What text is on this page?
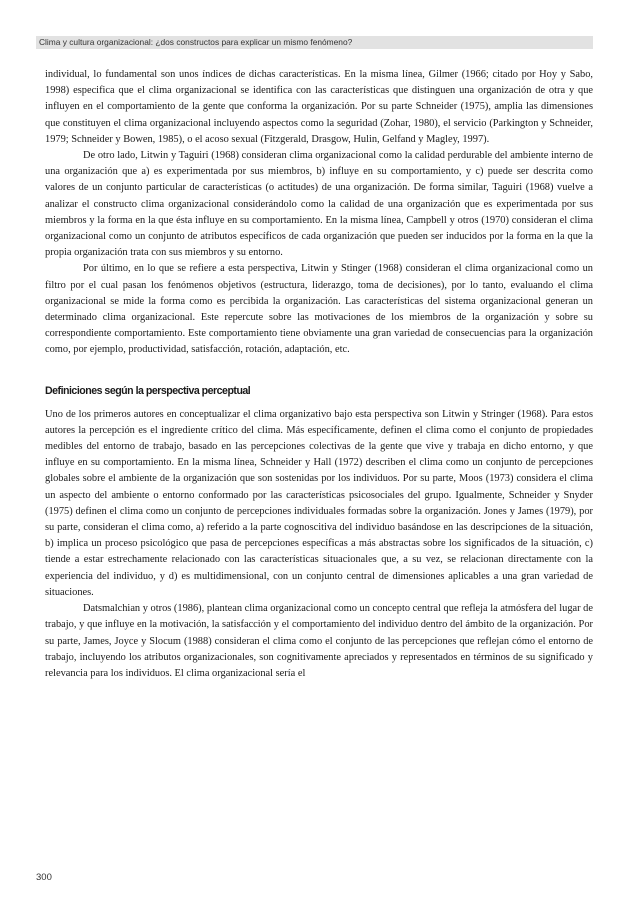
Clima y cultura organizacional: ¿dos constructos para explicar un mismo fenómeno?

individual, lo fundamental son unos índices de dichas características. En la misma línea, Gilmer (1966; citado por Hoy y Sabo, 1998) especifica que el clima organizacional se identifica con las características que distinguen una organización de otra y que influyen en el comportamiento de la gente que conforma la organización. Por su parte Schneider (1975), amplia las dimensiones que constituyen el clima organizacional incluyendo aspectos como la seguridad (Zohar, 1980), el servicio (Parkington y Schneider, 1979; Schneider y Bowen, 1985), o el acoso sexual (Fitzgerald, Drasgow, Hulin, Gelfand y Magley, 1997).

De otro lado, Litwin y Taguiri (1968) consideran clima organizacional como la calidad perdurable del ambiente interno de una organización que a) es experimentada por sus miembros, b) influye en su comportamiento, y c) puede ser descrita como valores de un conjunto particular de características (o actitudes) de una organización. De forma similar, Taguiri (1968) vuelve a analizar el constructo clima organizacional considerándolo como la calidad de una organización que es experimentada por sus miembros y la forma en la que ésta influye en su comportamiento. En la misma línea, Campbell y otros (1970) consideran el clima organizacional como un conjunto de atributos específicos de cada organización que pueden ser inducidos por la forma en la que la propia organización trata con sus miembros y su entorno.

Por último, en lo que se refiere a esta perspectiva, Litwin y Stinger (1968) consideran el clima organizacional como un filtro por el cual pasan los fenómenos objetivos (estructura, liderazgo, toma de decisiones), por lo tanto, evaluando el clima organizacional se mide la forma como es percibida la organización. Las características del sistema organizacional generan un determinado clima organizacional. Este repercute sobre las motivaciones de los miembros de la organización y sobre su correspondiente comportamiento. Este comportamiento tiene obviamente una gran variedad de consecuencias para la organización como, por ejemplo, productividad, satisfacción, rotación, adaptación, etc.

Definiciones según la perspectiva perceptual

Uno de los primeros autores en conceptualizar el clima organizativo bajo esta perspectiva son Litwin y Stringer (1968). Para estos autores la percepción es el ingrediente crítico del clima. Más específicamente, definen el clima como el conjunto de propiedades medibles del entorno de trabajo, basado en las percepciones colectivas de la gente que vive y trabaja en dicho entorno, y que influye en su comportamiento. En la misma línea, Schneider y Hall (1972) describen el clima como un conjunto de percepciones globales sobre el ambiente de la organización que son sostenidas por los individuos. Por su parte, Moos (1973) considera el clima un aspecto del ambiente o entorno conformado por las características psicosociales del grupo. Igualmente, Schneider y Snyder (1975) definen el clima como un conjunto de percepciones individuales formadas sobre la organización. Jones y James (1979), por su parte, consideran el clima como, a) referido a la parte cognoscitiva del individuo basándose en las descripciones de la situación, b) implica un proceso psicológico que pasa de percepciones específicas a más abstractas sobre los significados de la situación, c) tiende a estar estrechamente relacionado con las características situacionales que, a su vez, se relacionan directamente con la experiencia del individuo, y d) es multidimensional, con un conjunto central de dimensiones aplicables a una gran variedad de situaciones.

Datsmalchian y otros (1986), plantean clima organizacional como un concepto central que refleja la atmósfera del lugar de trabajo, y que influye en la motivación, la satisfacción y el comportamiento del individuo dentro del ámbito de la organización. Por su parte, James, Joyce y Slocum (1988) consideran el clima como el conjunto de las percepciones que reflejan cómo el entorno de trabajo, incluyendo los atributos organizacionales, son cognitivamente apreciados y representados en términos de su significado y relevancia para los individuos. El clima organizacional sería el

300
